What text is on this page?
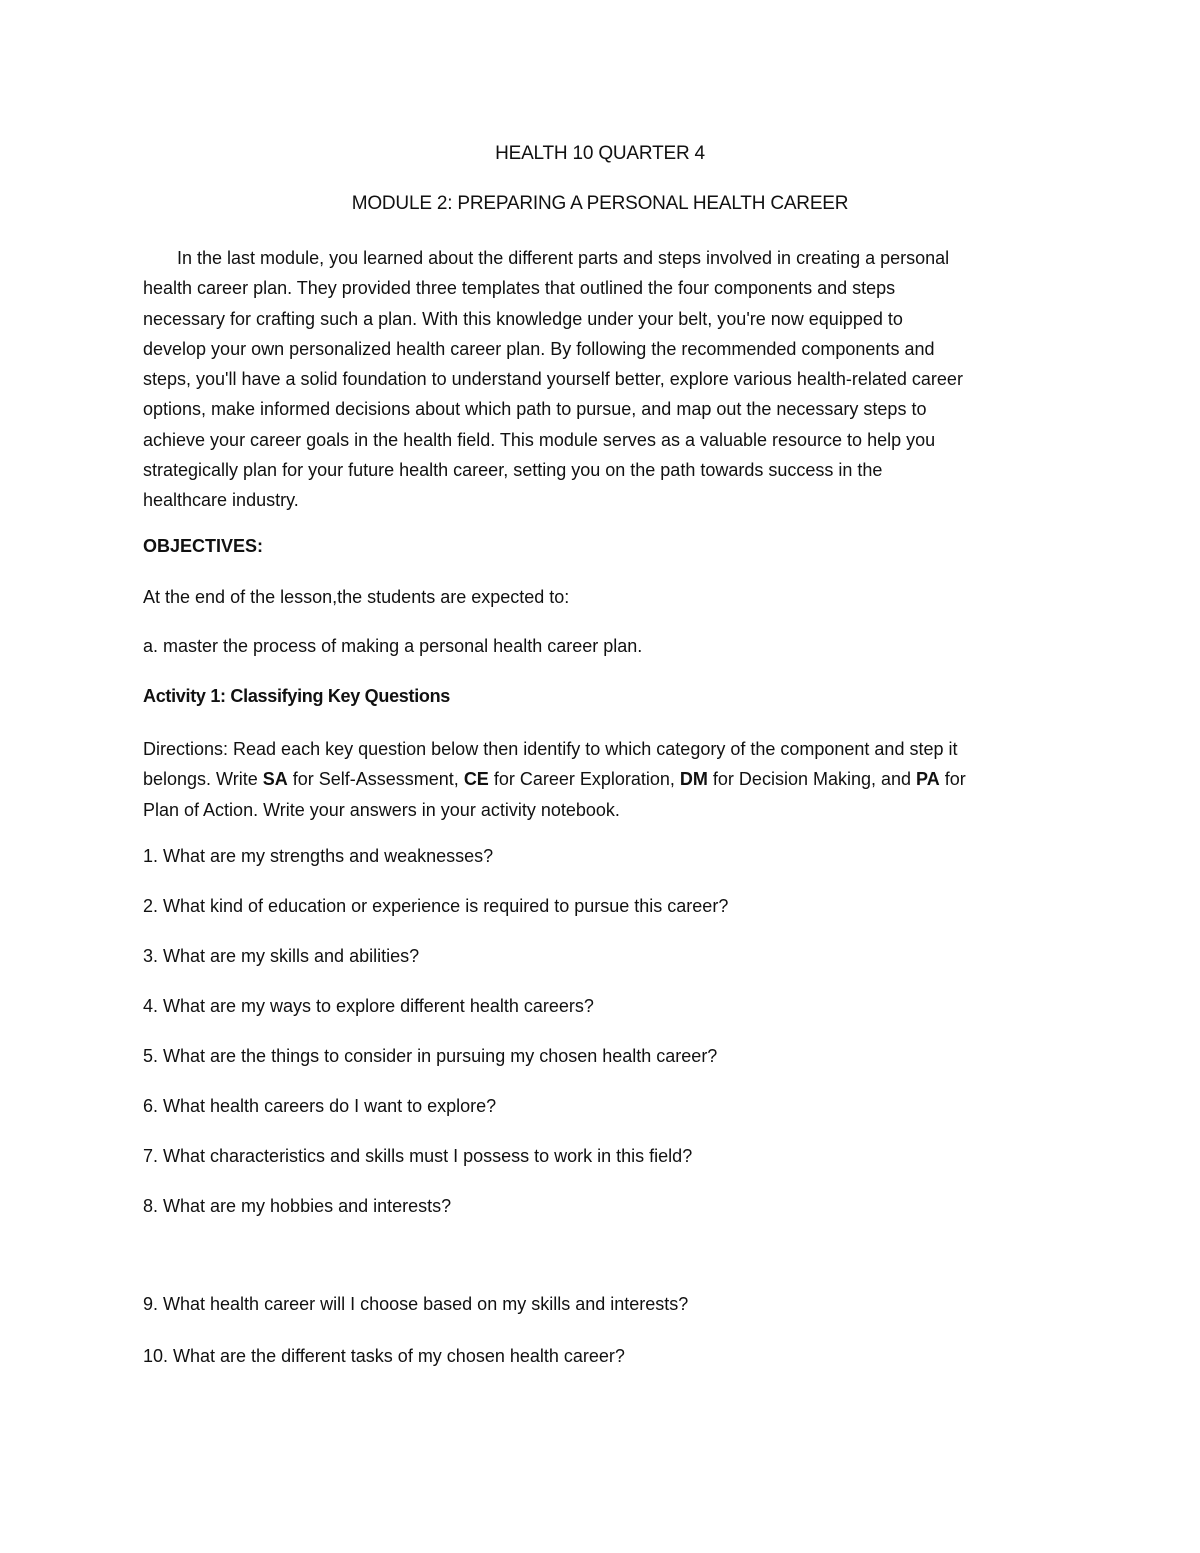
HEALTH 10 QUARTER 4
MODULE 2: PREPARING A PERSONAL HEALTH CAREER
In the last module, you learned about the different parts and steps involved in creating a personal
health career plan. They provided three templates that outlined the four components and steps
necessary for crafting such a plan. With this knowledge under your belt, you're now equipped to
develop your own personalized health career plan. By following the recommended components and
steps, you'll have a solid foundation to understand yourself better, explore various health-related career
options, make informed decisions about which path to pursue, and map out the necessary steps to
achieve your career goals in the health field. This module serves as a valuable resource to help you
strategically plan for your future health career, setting you on the path towards success in the
healthcare industry.
OBJECTIVES:
At the end of the lesson,the students are expected to:
a. master the process of making a personal health career plan.
Activity 1: Classifying Key Questions
Directions: Read each key question below then identify to which category of the component and step it
belongs. Write SA for Self-Assessment, CE for Career Exploration, DM for Decision Making, and PA for
Plan of Action. Write your answers in your activity notebook.
1. What are my strengths and weaknesses?
2. What kind of education or experience is required to pursue this career?
3. What are my skills and abilities?
4. What are my ways to explore different health careers?
5. What are the things to consider in pursuing my chosen health career?
6. What health careers do I want to explore?
7. What characteristics and skills must I possess to work in this field?
8. What are my hobbies and interests?
9. What health career will I choose based on my skills and interests?
10. What are the different tasks of my chosen health career?
